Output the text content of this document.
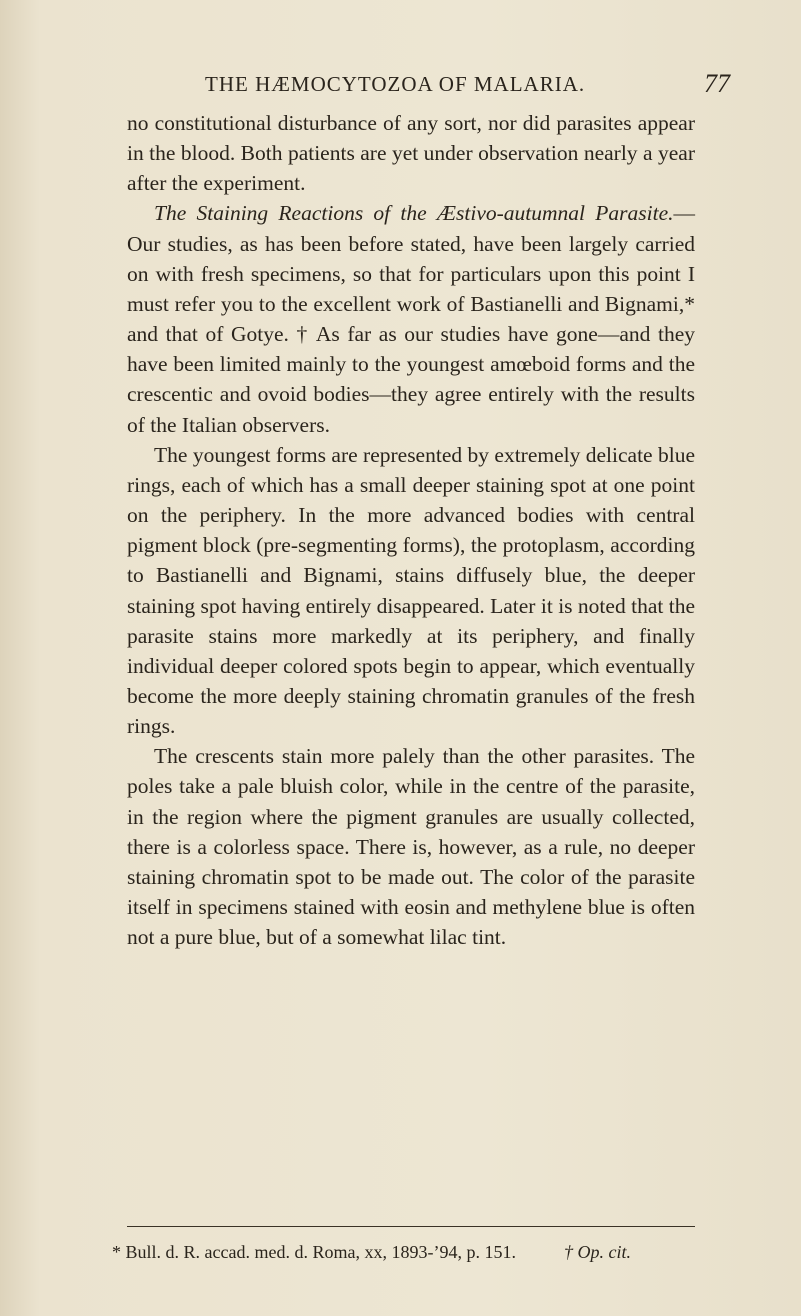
THE HÆMOCYTOZOA OF MALARIA.	77

no constitutional disturbance of any sort, nor did parasites appear in the blood. Both patients are yet under observation nearly a year after the experiment.

The Staining Reactions of the Æstivo-autumnal Parasite.—Our studies, as has been before stated, have been largely carried on with fresh specimens, so that for particulars upon this point I must refer you to the excellent work of Bastianelli and Bignami,* and that of Gotye. † As far as our studies have gone—and they have been limited mainly to the youngest amœboid forms and the crescentic and ovoid bodies—they agree entirely with the results of the Italian observers.

The youngest forms are represented by extremely delicate blue rings, each of which has a small deeper staining spot at one point on the periphery. In the more advanced bodies with central pigment block (pre-segmenting forms), the protoplasm, according to Bastianelli and Bignami, stains diffusely blue, the deeper staining spot having entirely disappeared. Later it is noted that the parasite stains more markedly at its periphery, and finally individual deeper colored spots begin to appear, which eventually become the more deeply staining chromatin granules of the fresh rings.

The crescents stain more palely than the other parasites. The poles take a pale bluish color, while in the centre of the parasite, in the region where the pigment granules are usually collected, there is a colorless space. There is, however, as a rule, no deeper staining chromatin spot to be made out. The color of the parasite itself in specimens stained with eosin and methylene blue is often not a pure blue, but of a somewhat lilac tint.

* Bull. d. R. accad. med. d. Roma, xx, 1893-’94, p. 151.	† Op. cit.
